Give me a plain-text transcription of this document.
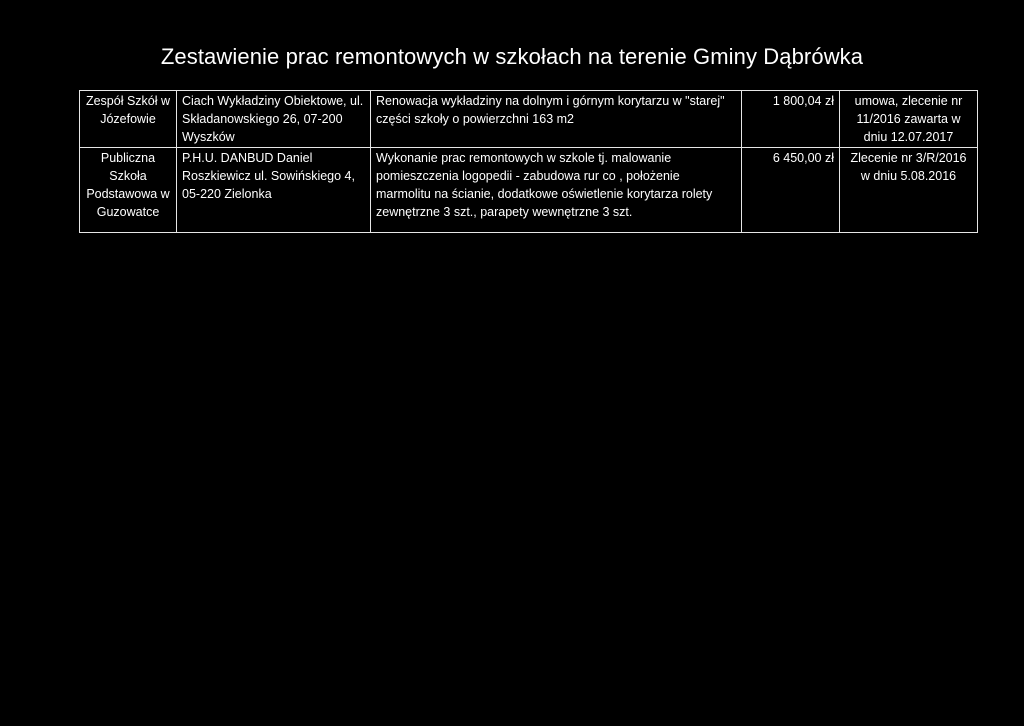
Zestawienie prac remontowych w szkołach na terenie Gminy Dąbrówka
Zespół Szkół w Józefowie	Ciach Wykładziny Obiektowe, ul. Składanowskiego 26, 07-200 Wyszków	Renowacja wykładziny na dolnym i górnym korytarzu w "starej" części szkoły o powierzchni 163 m2	1 800,04 zł	umowa, zlecenie nr 11/2016 zawarta w dniu 12.07.2017
Publiczna Szkoła Podstawowa w Guzowatce	P.H.U. DANBUD Daniel Roszkiewicz ul. Sowińskiego 4, 05-220 Zielonka	Wykonanie prac remontowych w szkole tj. malowanie pomieszczenia logopedii - zabudowa rur co , położenie marmolitu na ścianie, dodatkowe oświetlenie korytarza rolety zewnętrzne 3 szt., parapety wewnętrzne 3 szt.	6 450,00 zł	Zlecenie nr 3/R/2016 w dniu 5.08.2016
